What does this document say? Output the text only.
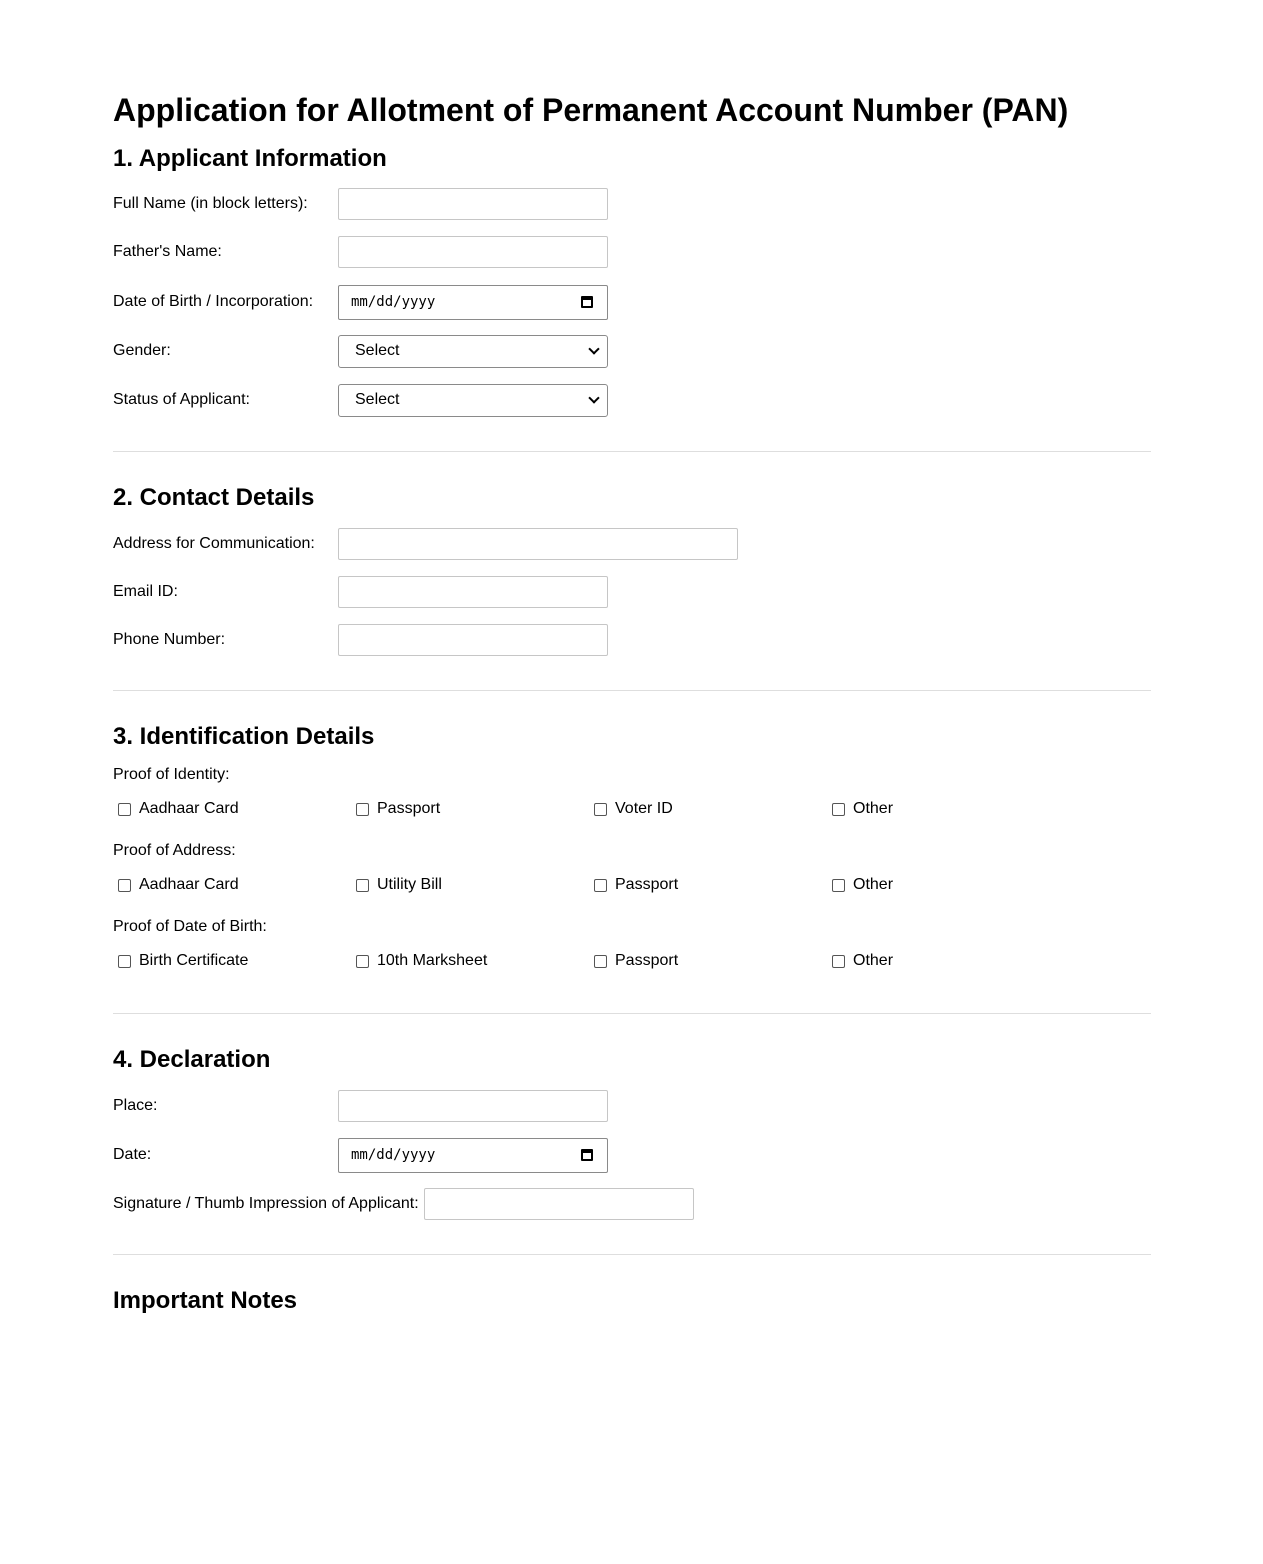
Application for Allotment of Permanent Account Number (PAN)
1. Applicant Information
Full Name (in block letters):
Father's Name:
Date of Birth / Incorporation:	mm/dd/yyyy
Gender:	Select
Status of Applicant:	Select
2. Contact Details
Address for Communication:
Email ID:
Phone Number:
3. Identification Details
Proof of Identity:
Aadhaar Card	Passport	Voter ID	Other
Proof of Address:
Aadhaar Card	Utility Bill	Passport	Other
Proof of Date of Birth:
Birth Certificate	10th Marksheet	Passport	Other
4. Declaration
Place:
Date:	mm/dd/yyyy
Signature / Thumb Impression of Applicant:
Important Notes
